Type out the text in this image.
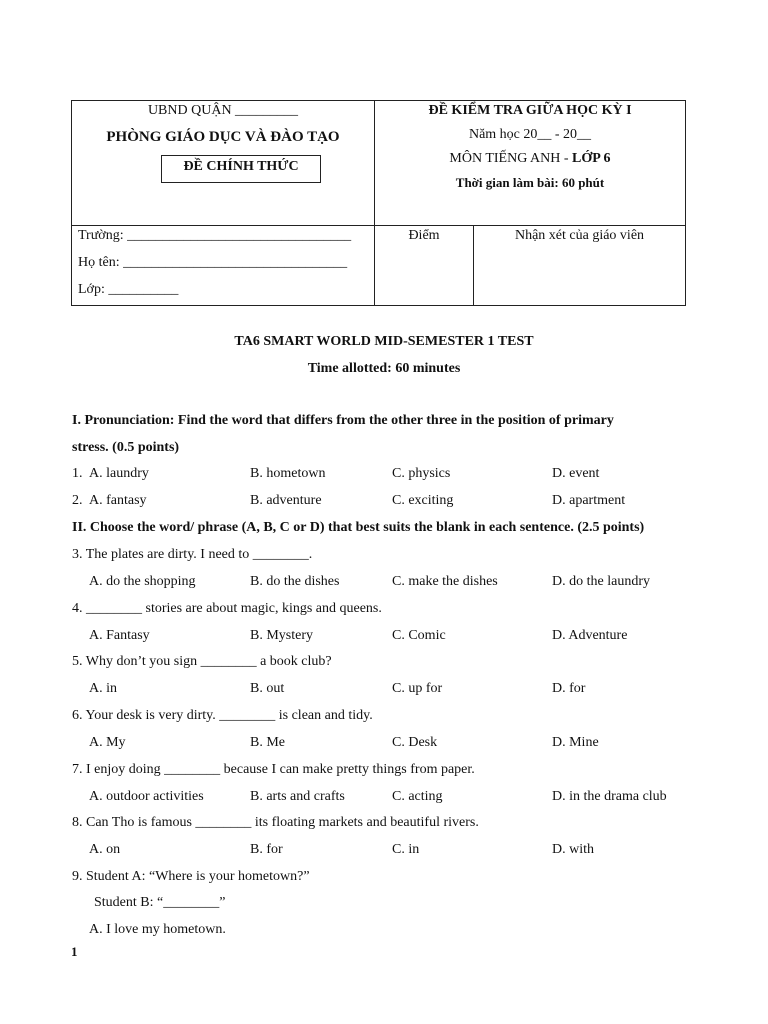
UBND QUẬN _________
PHÒNG GIÁO DỤC VÀ ĐÀO TẠO
ĐỀ CHÍNH THỨC
ĐỀ KIỂM TRA GIỮA HỌC KỲ I
Năm học 20__ - 20__
MÔN TIẾNG ANH - LỚP 6
Thời gian làm bài: 60 phút
Trường: ________________________________
Họ tên: ________________________________
Lớp: __________
Điểm	Nhận xét của giáo viên
TA6 SMART WORLD MID-SEMESTER 1 TEST
Time allotted: 60 minutes
I. Pronunciation: Find the word that differs from the other three in the position of primary
stress. (0.5 points)
1. A. laundry	B. hometown	C. physics	D. event
2. A. fantasy	B. adventure	C. exciting	D. apartment
II. Choose the word/ phrase (A, B, C or D) that best suits the blank in each sentence. (2.5 points)
3. The plates are dirty. I need to ________.
A. do the shopping	B. do the dishes	C. make the dishes	D. do the laundry
4. ________ stories are about magic, kings and queens.
A. Fantasy	B. Mystery	C. Comic	D. Adventure
5. Why don’t you sign ________ a book club?
A. in	B. out	C. up for	D. for
6. Your desk is very dirty. ________ is clean and tidy.
A. My	B. Me	C. Desk	D. Mine
7. I enjoy doing ________ because I can make pretty things from paper.
A. outdoor activities	B. arts and crafts	C. acting	D. in the drama club
8. Can Tho is famous ________ its floating markets and beautiful rivers.
A. on	B. for	C. in	D. with
9. Student A: “Where is your hometown?”
Student B: “________”
A. I love my hometown.
1
